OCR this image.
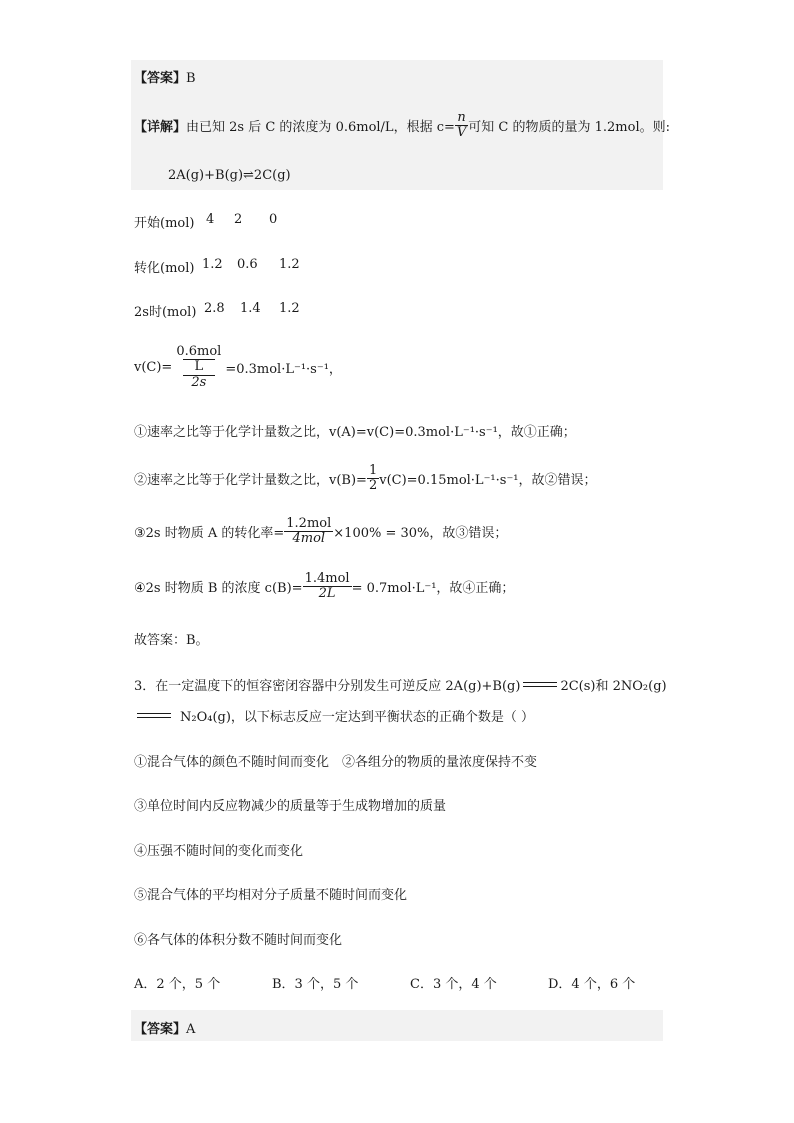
【答案】B
【详解】 由已知 2s 后 C 的浓度为 0.6mol/L，根据 $c= \frac{n}{V}$ 可知 C 的物质的量为 1.2mol。则:
2A(g)+B(g)⇌2C(g)
开始(mol) 4 2 0
转化(mol) 1.2 0.6 1.2
2s时(mol) 2.8 1.4 1.2
v(C)=
0.6mol
L
2s
=0.3mol·L⁻¹·s⁻¹，
①速率之比等于化学计量数之比，v(A)=v(C)=0.3mol·L⁻¹·s⁻¹，故①正确；
②速率之比等于化学计量数之比，$v(B)= \frac{1}{2} v(C)=0.15mol\cdot L^{-1}\cdot s^{-1}$，故②错误；
③2s 时物质 A 的转化率= $\frac{\text{1.2mol}}{\text{4mol}} \times 100\% = 30\%$，故③错误；
④2s 时物质 B 的浓度 $c(B)= \frac{\text{1.4mol}}{2L} = 0.7mol\cdot L^{-1}$，故④正确；
故答案：B。
3．在一定温度下的恒容密闭容器中分别发生可逆反应 2A(g)+B(g)	2C(s)和 2NO₂(g)
N₂O₄(g)，以下标志反应一定达到平衡状态的正确个数是（ ）
①混合气体的颜色不随时间而变化　②各组分的物质的量浓度保持不变
③单位时间内反应物减少的质量等于生成物增加的质量
④压强不随时间的变化而变化
⑤混合气体的平均相对分子质量不随时间而变化
⑥各气体的体积分数不随时间而变化
A．2 个，5 个	B．3 个，5 个	C．3 个，4 个	D．4 个，6 个
【答案】A
